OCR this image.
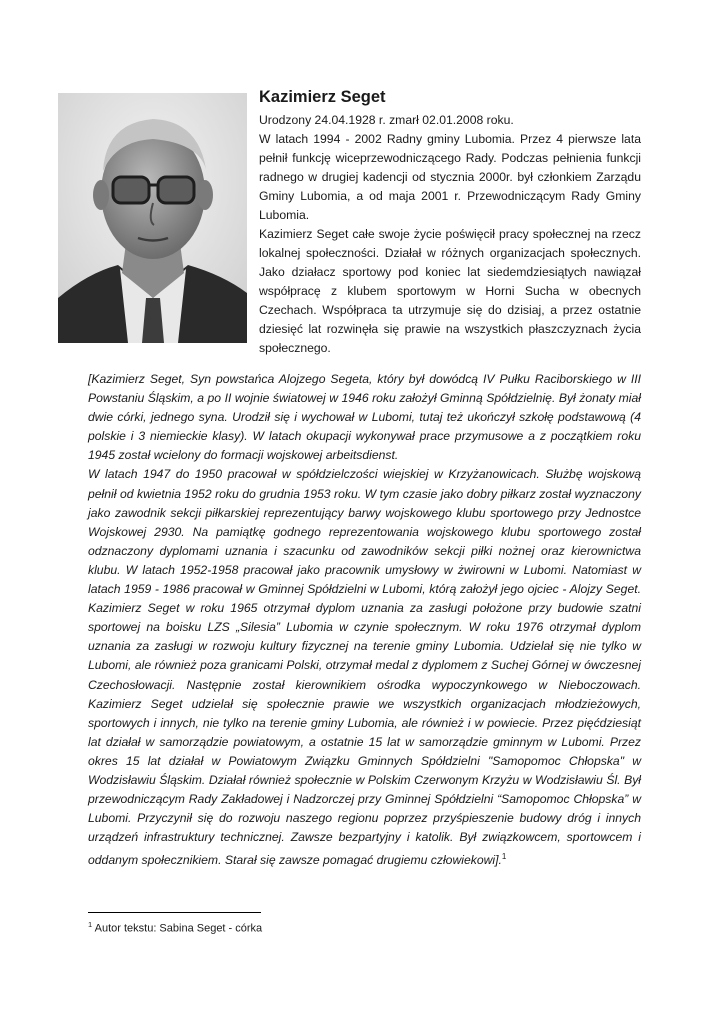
Kazimierz Seget

Urodzony 24.04.1928 r. zmarł 02.01.2008 roku.

W latach 1994 - 2002 Radny gminy Lubomia. Przez 4 pierwsze lata pełnił funkcję wiceprzewodniczącego Rady. Podczas pełnienia funkcji radnego w drugiej kadencji od stycznia 2000r. był członkiem Zarządu Gminy Lubomia, a od maja 2001 r. Przewodniczącym Rady Gminy Lubomia.

Kazimierz Seget całe swoje życie poświęcił pracy społecznej na rzecz lokalnej społeczności. Działał w różnych organizacjach społecznych. Jako działacz sportowy pod koniec lat siedemdziesiątych nawiązał współpracę z klubem sportowym w Horni Sucha w obecnych Czechach. Współpraca ta utrzymuje się do dzisiaj, a przez ostatnie dziesięć lat rozwinęła się prawie na wszystkich płaszczyznach życia społecznego.

[Kazimierz Seget, Syn powstańca Alojzego Segeta, który był dowódcą IV Pułku Raciborskiego w III Powstaniu Śląskim, a po II wojnie światowej w 1946 roku założył Gminną Spółdzielnię. Był żonaty miał dwie córki, jednego syna. Urodził się i wychował w Lubomi, tutaj też ukończył szkołę podstawową (4 polskie i 3 niemieckie klasy). W latach okupacji wykonywał prace przymusowe a z początkiem roku 1945 został wcielony do formacji wojskowej arbeitsdienst.

W latach 1947 do 1950 pracował w spółdzielczości wiejskiej w Krzyżanowicach. Służbę wojskową pełnił od kwietnia 1952 roku do grudnia 1953 roku. W tym czasie jako dobry piłkarz został wyznaczony jako zawodnik sekcji piłkarskiej reprezentujący barwy wojskowego klubu sportowego przy Jednostce Wojskowej 2930. Na pamiątkę godnego reprezentowania wojskowego klubu sportowego został odznaczony dyplomami uznania i szacunku od zawodników sekcji piłki nożnej oraz kierownictwa klubu. W latach 1952-1958 pracował jako pracownik umysłowy w żwirowni w Lubomi. Natomiast w latach 1959 - 1986 pracował w Gminnej Spółdzielni w Lubomi, którą założył jego ojciec - Alojzy Seget. Kazimierz Seget w roku 1965 otrzymał dyplom uznania za zasługi położone przy budowie szatni sportowej na boisku LZS „Silesia” Lubomia w czynie społecznym. W roku 1976 otrzymał dyplom uznania za zasługi w rozwoju kultury fizycznej na terenie gminy Lubomia. Udzielał się nie tylko w Lubomi, ale również poza granicami Polski, otrzymał medal z dyplomem z Suchej Górnej w ówczesnej Czechosłowacji. Następnie został kierownikiem ośrodka wypoczynkowego w Nieboczowach. Kazimierz Seget udzielał się społecznie prawie we wszystkich organizacjach młodzieżowych, sportowych i innych, nie tylko na terenie gminy Lubomia, ale również i w powiecie. Przez pięćdziesiąt lat działał w samorządzie powiatowym, a ostatnie 15 lat w samorządzie gminnym w Lubomi. Przez okres 15 lat działał w Powiatowym Związku Gminnych Spółdzielni "Samopomoc Chłopska" w Wodzisławiu Śląskim. Działał również społecznie w Polskim Czerwonym Krzyżu w Wodzisławiu Śl. Był przewodniczącym Rady Zakładowej i Nadzorczej przy Gminnej Spółdzielni “Samopomoc Chłopska” w Lubomi. Przyczynił się do rozwoju naszego regionu poprzez przyśpieszenie budowy dróg i innych urządzeń infrastruktury technicznej. Zawsze bezpartyjny i katolik. Był związkowcem, sportowcem i oddanym społecznikiem. Starał się zawsze pomagać drugiemu człowiekowi].$^1$

$^1$ Autor tekstu: Sabina Seget - córka
